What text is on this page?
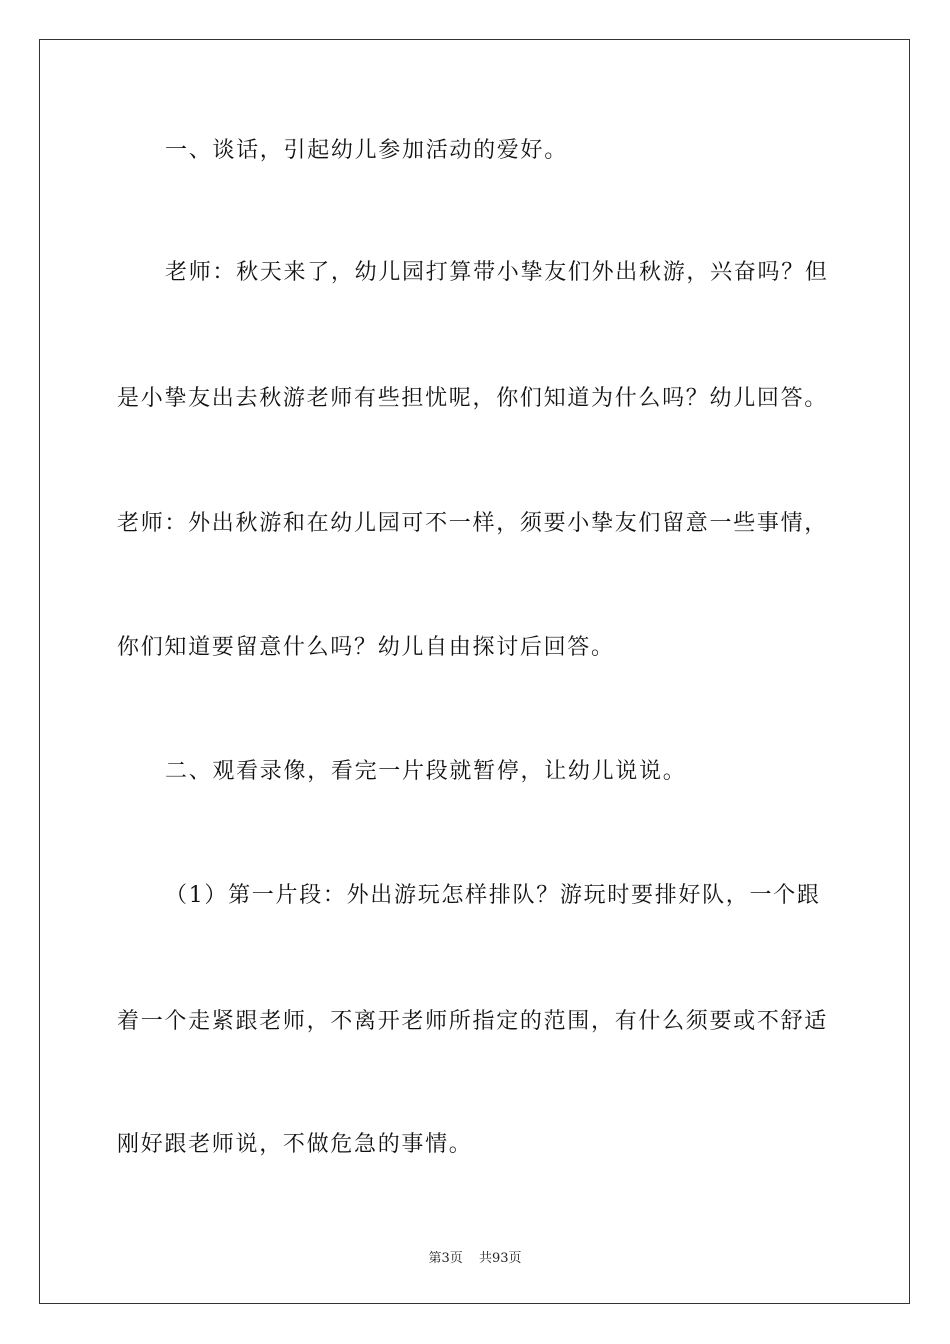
一、谈话，引起幼儿参加活动的爱好。
老师：秋天来了，幼儿园打算带小挚友们外出秋游，兴奋吗？但
是小挚友出去秋游老师有些担忧呢，你们知道为什么吗？幼儿回答。
老师：外出秋游和在幼儿园可不一样，须要小挚友们留意一些事情，
你们知道要留意什么吗？幼儿自由探讨后回答。
二、观看录像，看完一片段就暂停，让幼儿说说。
（1）第一片段：外出游玩怎样排队？游玩时要排好队，一个跟
着一个走紧跟老师，不离开老师所指定的范围，有什么须要或不舒适
刚好跟老师说，不做危急的事情。
第3页 共93页
